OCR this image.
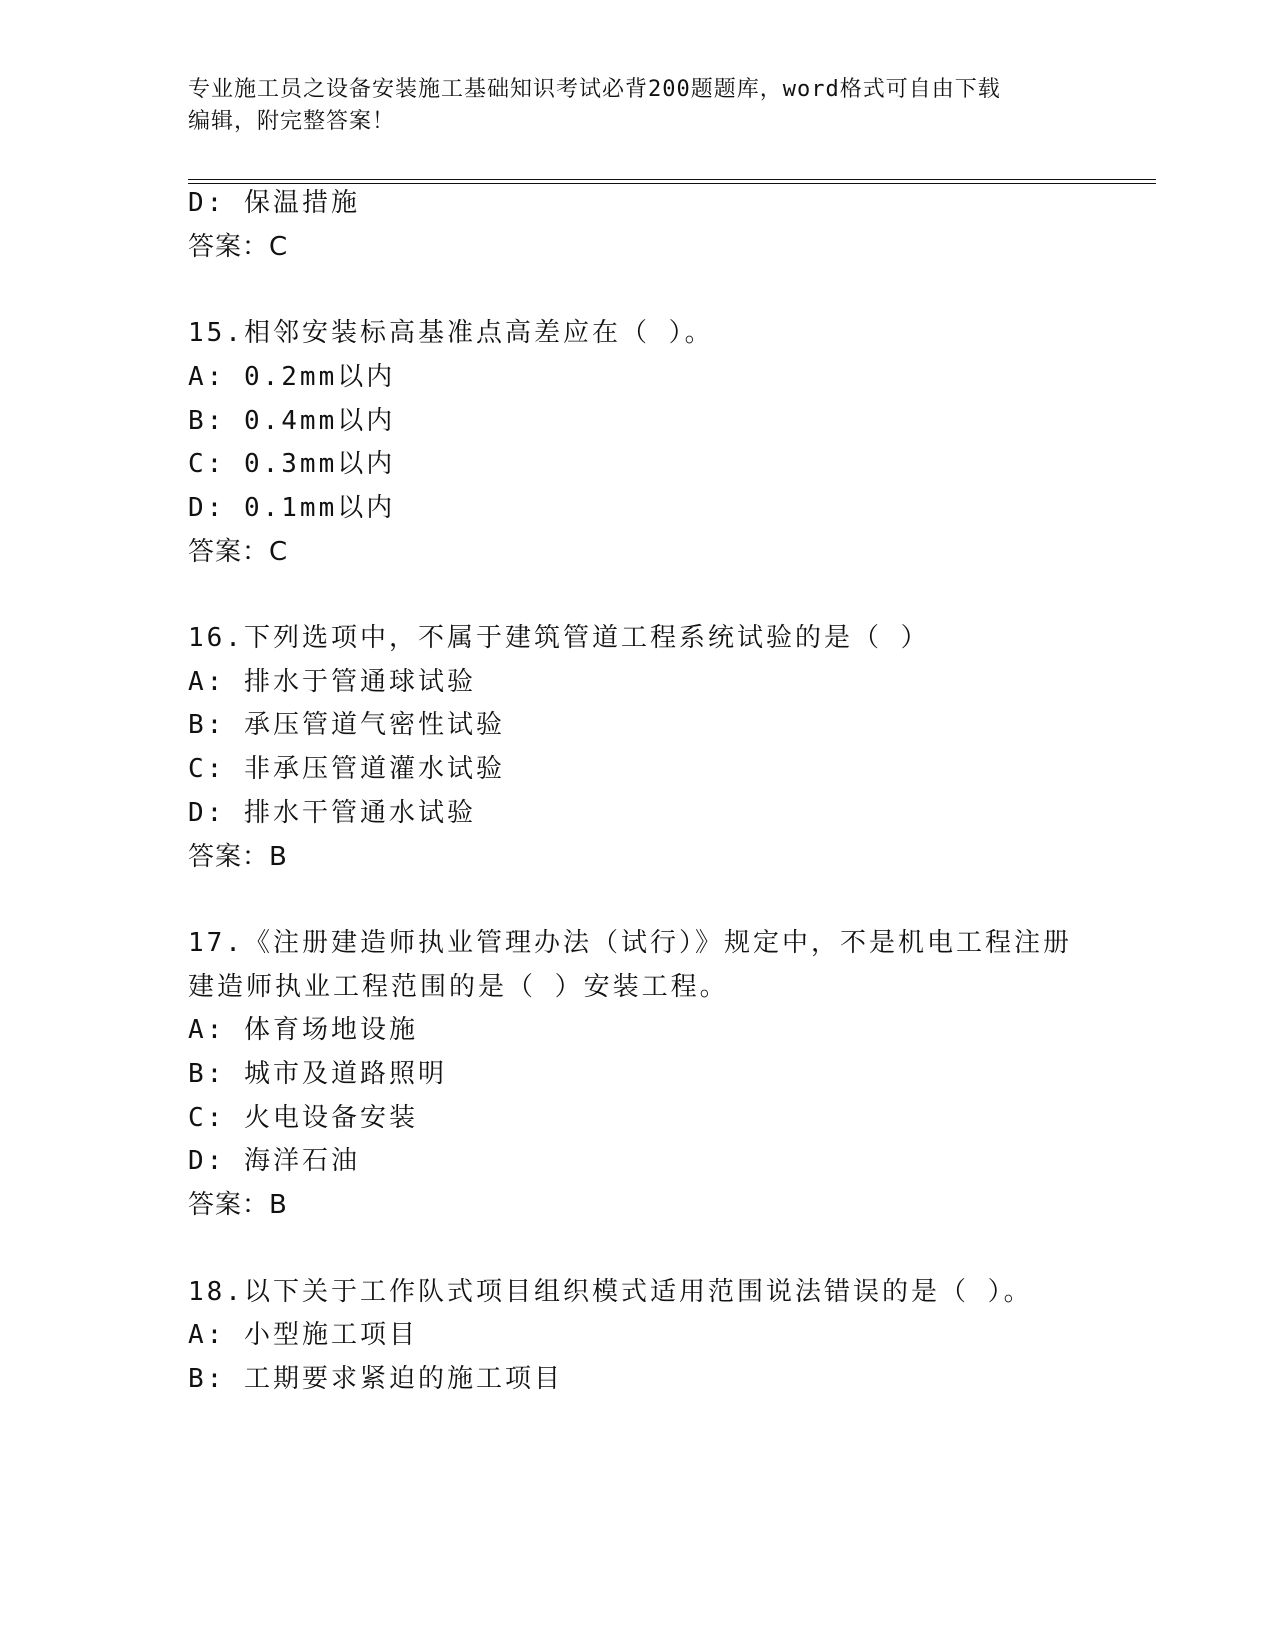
专业施工员之设备安装施工基础知识考试必背200题题库，word格式可自由下载
编辑，附完整答案！
D: 保温措施
答案：C
15.相邻安装标高基准点高差应在（ ）。
A: 0.2mm以内
B: 0.4mm以内
C: 0.3mm以内
D: 0.1mm以内
答案：C
16.下列选项中，不属于建筑管道工程系统试验的是（ ）
A: 排水于管通球试验
B: 承压管道气密性试验
C: 非承压管道灌水试验
D: 排水干管通水试验
答案：B
17.《注册建造师执业管理办法（试行）》规定中，不是机电工程注册
建造师执业工程范围的是（ ）安装工程。
A: 体育场地设施
B: 城市及道路照明
C: 火电设备安装
D: 海洋石油
答案：B
18.以下关于工作队式项目组织模式适用范围说法错误的是（ ）。
A: 小型施工项目
B: 工期要求紧迫的施工项目
